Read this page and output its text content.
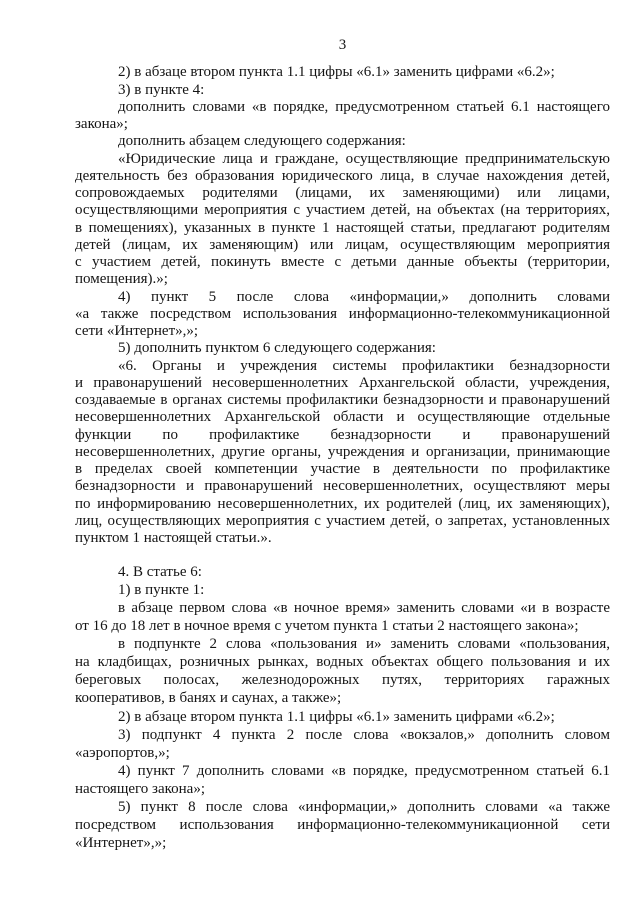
3
2) в абзаце втором пункта 1.1 цифры «6.1» заменить цифрами «6.2»;
3) в пункте 4:
дополнить словами «в порядке, предусмотренном статьей 6.1 настоящего
закона»;
дополнить абзацем следующего содержания:
«Юридические лица и граждане, осуществляющие предпринимательскую
деятельность без образования юридического лица, в случае нахождения детей,
сопровождаемых родителями (лицами, их заменяющими) или лицами,
осуществляющими мероприятия с участием детей, на объектах (на территориях,
в помещениях), указанных в пункте 1 настоящей статьи, предлагают родителям
детей (лицам, их заменяющим) или лицам, осуществляющим мероприятия
с участием детей, покинуть вместе с детьми данные объекты (территории,
помещения).»;
4) пункт 5 после слова «информации,» дополнить словами
«а также посредством использования информационно-телекоммуникационной
сети «Интернет»,»;
5) дополнить пунктом 6 следующего содержания:
«6. Органы и учреждения системы профилактики безнадзорности
и правонарушений несовершеннолетних Архангельской области, учреждения,
создаваемые в органах системы профилактики безнадзорности и правонарушений
несовершеннолетних Архангельской области и осуществляющие отдельные
функции по профилактике безнадзорности и правонарушений
несовершеннолетних, другие органы, учреждения и организации, принимающие
в пределах своей компетенции участие в деятельности по профилактике
безнадзорности и правонарушений несовершеннолетних, осуществляют меры
по информированию несовершеннолетних, их родителей (лиц, их заменяющих),
лиц, осуществляющих мероприятия с участием детей, о запретах, установленных
пунктом 1 настоящей статьи.».
4. В статье 6:
1) в пункте 1:
в абзаце первом слова «в ночное время» заменить словами «и в возрасте
от 16 до 18 лет в ночное время с учетом пункта 1 статьи 2 настоящего закона»;
в подпункте 2 слова «пользования и» заменить словами «пользования,
на кладбищах, розничных рынках, водных объектах общего пользования и их
береговых полосах, железнодорожных путях, территориях гаражных
кооперативов, в банях и саунах, а также»;
2) в абзаце втором пункта 1.1 цифры «6.1» заменить цифрами «6.2»;
3) подпункт 4 пункта 2 после слова «вокзалов,» дополнить словом
«аэропортов,»;
4) пункт 7 дополнить словами «в порядке, предусмотренном статьей 6.1
настоящего закона»;
5) пункт 8 после слова «информации,» дополнить словами «а также
посредством использования информационно-телекоммуникационной сети
«Интернет»,»;
